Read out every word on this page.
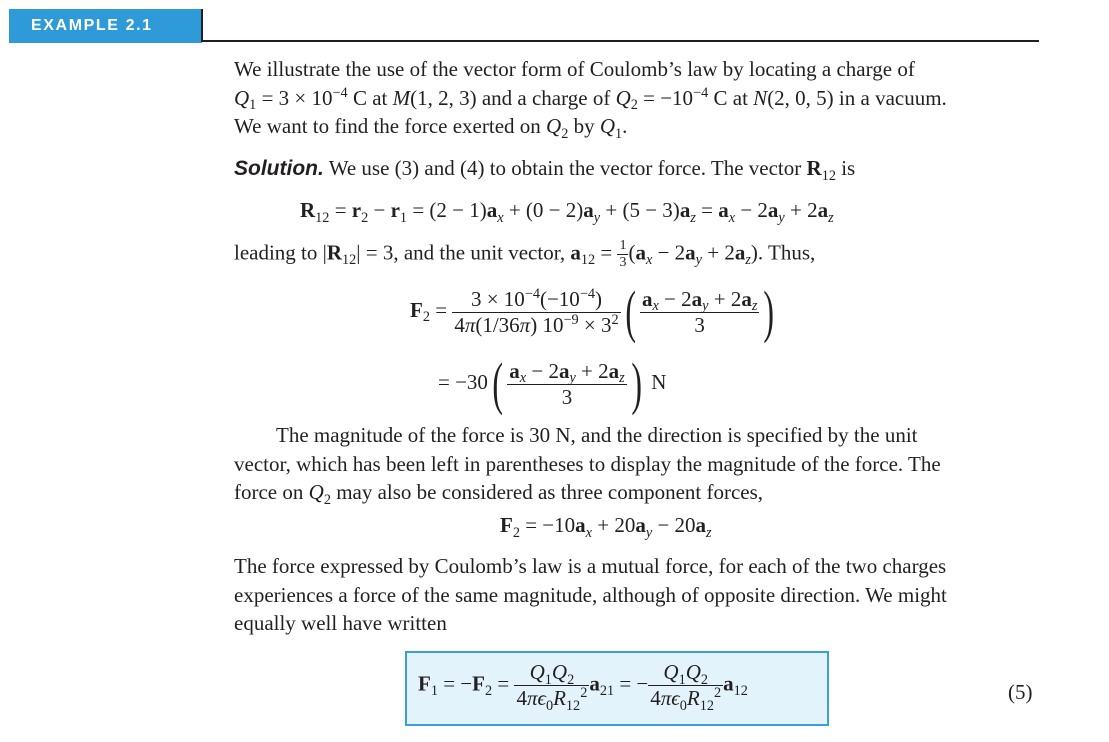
EXAMPLE 2.1

We illustrate the use of the vector form of Coulomb’s law by locating a charge of
$Q_1 = 3 \times 10^{-4}$ C at M(1, 2, 3) and a charge of $Q_2 = -10^{-4}$ C at N(2, 0, 5) in a vacuum.
We want to find the force exerted on $Q_2$ by $Q_1$.

Solution. We use (3) and (4) to obtain the vector force. The vector $R_{12}$ is

$R_{12} = r_2 - r_1 = (2 - 1)a_x + (0 - 2)a_y + (5 - 3)a_z = a_x - 2a_y + 2a_z$
leading to $|R_{12}| = 3$, and the unit vector, $a_{12} = \frac{1}{3} (a_x - 2a_y + 2a_z)$. Thus,
$F_2 = \frac{3 \times 10^{-4}(-10^{-4})}{4\pi(1/36\pi) 10^{-9} \times 3^2}$ ( $\frac{a_x - 2a_y + 2a_z}{3}$ )
= $-30( \frac{a_x - 2a_y + 2a_z}{3}$ ) N

The magnitude of the force is 30 N, and the direction is specified by the unit
vector, which has been left in parentheses to display the magnitude of the force. The
force on $Q_2$ may also be considered as three component forces,

$F_2 = -10a_x + 20a_y - 20a_z$

The force expressed by Coulomb’s law is a mutual force, for each of the two charges
experiences a force of the same magnitude, although of opposite direction. We might
equally well have written

$F_1 = -F_2 = \frac{Q_1Q_2}{4\pi\epsilon_0R_{12}^2} a_{21}$ = − $\frac{Q_1Q_2}{4\pi\epsilon_0R_{12}^2} a_{12}$	(5)
